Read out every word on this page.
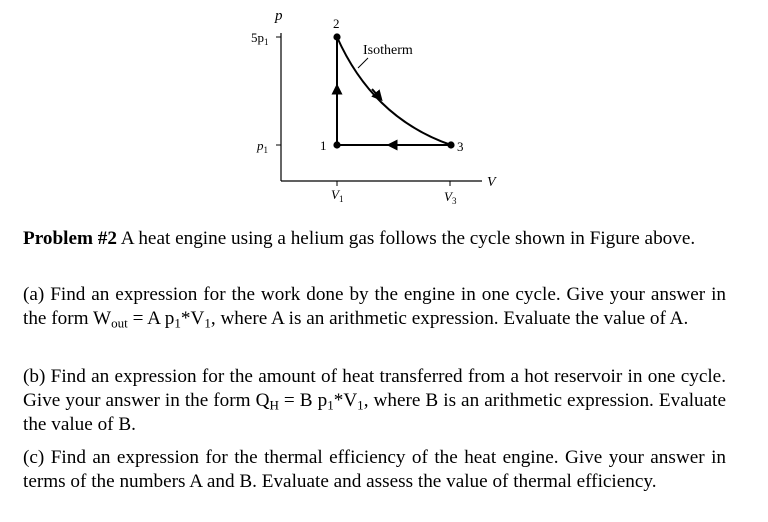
p
V
$5p_1$
$p_1$
$V_1$	$V_3$
1
2
3
Isotherm

Problem #2 A heat engine using a helium gas follows the cycle shown in Figure above.

(a) Find an expression for the work done by the engine in one cycle. Give your answer in the form $W_{out} = A$ $p_1*V_1$, where A is an arithmetic expression. Evaluate the value of A.

(b) Find an expression for the amount of heat transferred from a hot reservoir in one cycle. Give your answer in the form $Q_H = B$ $p_1*V_1$, where B is an arithmetic expression. Evaluate the value of B.

(c) Find an expression for the thermal efficiency of the heat engine. Give your answer in terms of the numbers A and B. Evaluate and assess the value of thermal efficiency.
